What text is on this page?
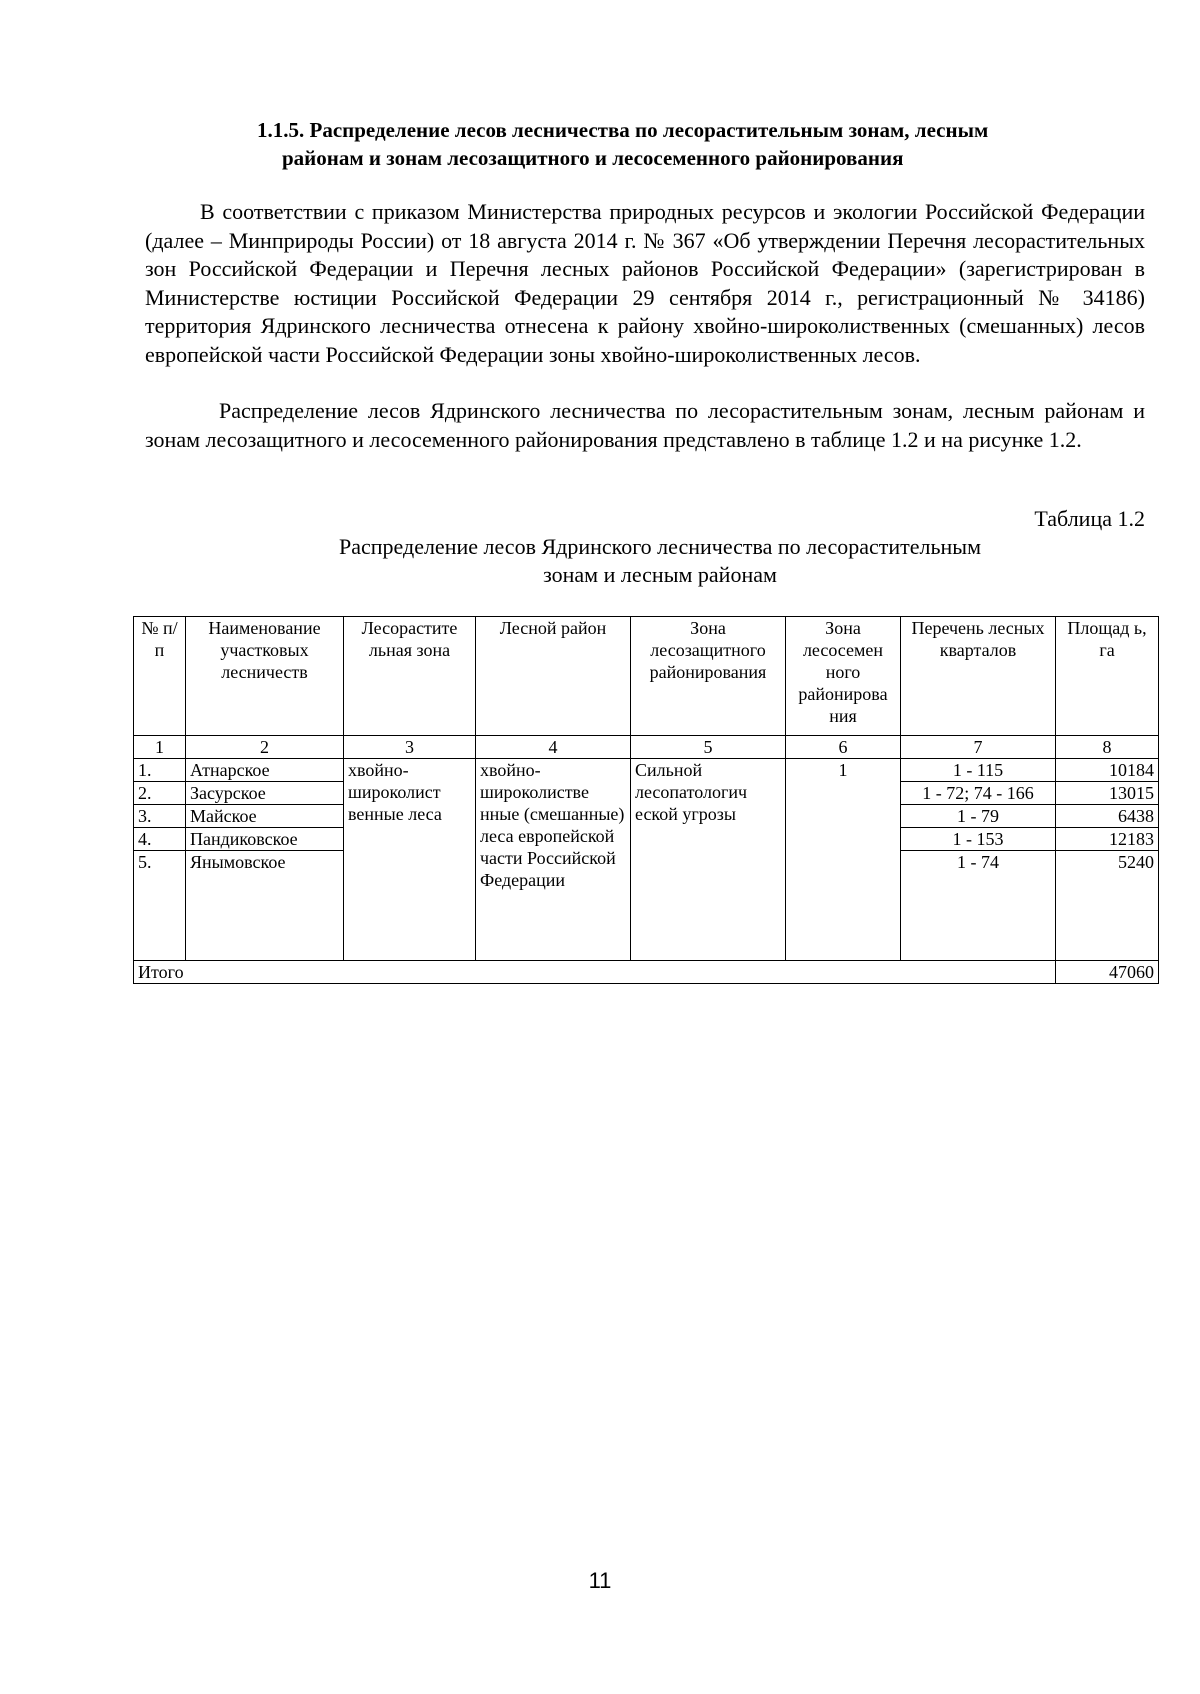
1.1.5. Распределение лесов лесничества по лесорастительным зонам, лесным
районам и зонам лесозащитного и лесосеменного районирования
В соответствии с приказом Министерства природных ресурсов и экологии Российской Федерации (далее – Минприроды России) от 18 августа 2014 г. № 367 «Об утверждении Перечня лесорастительных зон Российской Федерации и Перечня лесных районов Российской Федерации» (зарегистрирован в Министерстве юстиции Российской Федерации 29 сентября 2014 г., регистрационный № 34186) территория Ядринского лесничества отнесена к району хвойно-широколиственных (смешанных) лесов европейской части Российской Федерации зоны хвойно-широколиственных лесов.
Распределение лесов Ядринского лесничества по лесорастительным зонам, лесным районам и зонам лесозащитного и лесосеменного районирования представлено в таблице 1.2 и на рисунке 1.2.
Таблица 1.2
Распределение лесов Ядринского лесничества по лесорастительным
зонам и лесным районам
№ п/п	Наименование участковых лесничеств	Лесорастите льная зона	Лесной район	Зона лесозащитного районирования	Зона лесосемен ного районирова ния	Перечень лесных кварталов	Площад ь, га
1	2	3	4	5	6	7	8
1.	Атнарское	хвойно-широколист венные леса	хвойно-широколистве нные (смешанные) леса европейской части Российской Федерации	Сильной лесопатологич еской угрозы	1	1 - 115	10184
2.	Засурское					1 - 72; 74 - 166	13015
3.	Майское					1 - 79	6438
4.	Пандиковское					1 - 153	12183
5.	Янымовское					1 - 74	5240
Итого							47060
11
